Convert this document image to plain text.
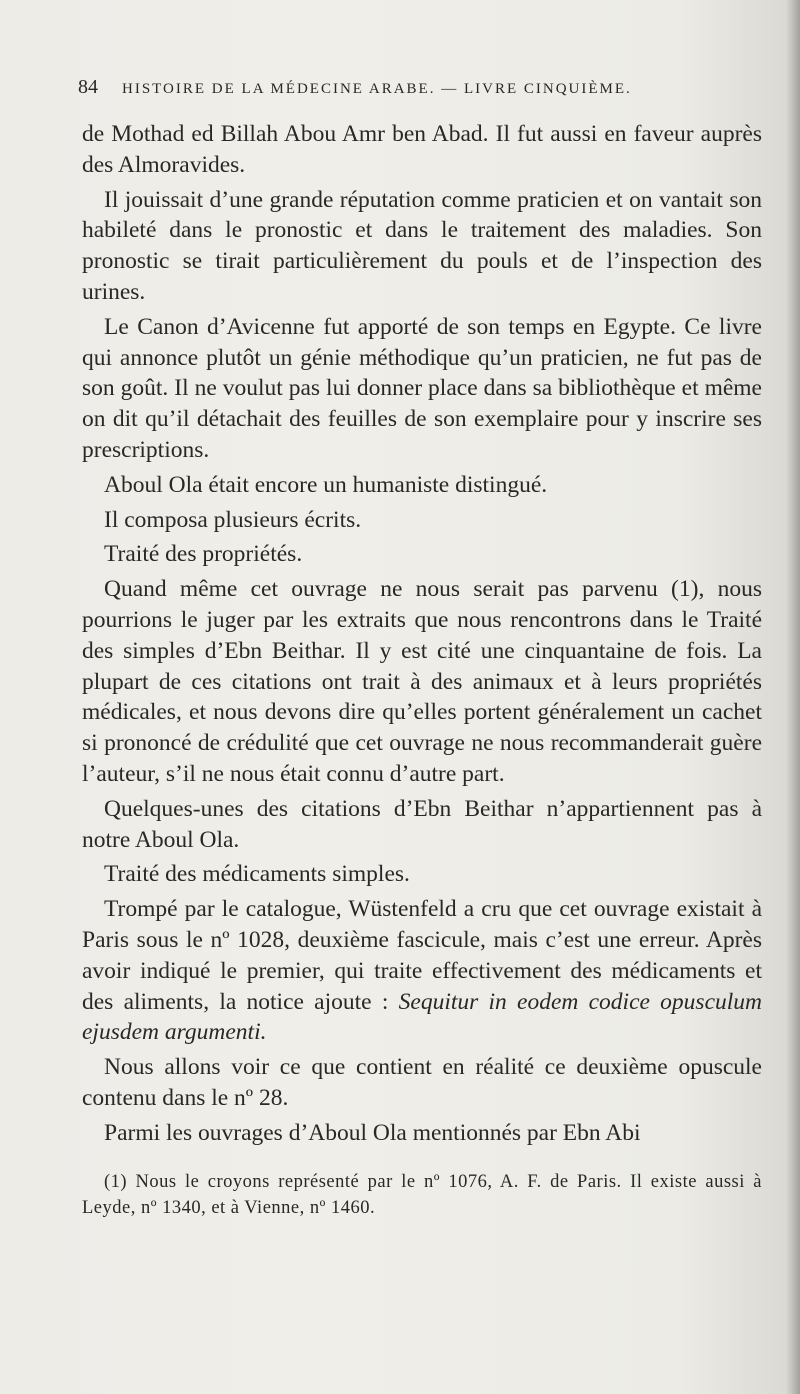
84 HISTOIRE DE LA MÉDECINE ARABE. — LIVRE CINQUIÈME.

de Mothad ed Billah Abou Amr ben Abad. Il fut aussi en faveur auprès des Almoravides.

Il jouissait d’une grande réputation comme praticien et on vantait son habileté dans le pronostic et dans le traitement des maladies. Son pronostic se tirait particulièrement du pouls et de l’inspection des urines.

Le Canon d’Avicenne fut apporté de son temps en Egypte. Ce livre qui annonce plutôt un génie méthodique qu’un praticien, ne fut pas de son goût. Il ne voulut pas lui donner place dans sa bibliothèque et même on dit qu’il détachait des feuilles de son exemplaire pour y inscrire ses prescriptions.

Aboul Ola était encore un humaniste distingué.

Il composa plusieurs écrits.

Traité des propriétés.

Quand même cet ouvrage ne nous serait pas parvenu (1), nous pourrions le juger par les extraits que nous rencontrons dans le Traité des simples d’Ebn Beithar. Il y est cité une cinquantaine de fois. La plupart de ces citations ont trait à des animaux et à leurs propriétés médicales, et nous devons dire qu’elles portent généralement un cachet si prononcé de crédulité que cet ouvrage ne nous recommanderait guère l’auteur, s’il ne nous était connu d’autre part.

Quelques-unes des citations d’Ebn Beithar n’appartiennent pas à notre Aboul Ola.

Traité des médicaments simples.

Trompé par le catalogue, Wüstenfeld a cru que cet ouvrage existait à Paris sous le nº 1028, deuxième fascicule, mais c’est une erreur. Après avoir indiqué le premier, qui traite effectivement des médicaments et des aliments, la notice ajoute : Sequitur in eodem codice opusculum ejusdem argumenti.

Nous allons voir ce que contient en réalité ce deuxième opuscule contenu dans le nº 28.

Parmi les ouvrages d’Aboul Ola mentionnés par Ebn Abi

(1) Nous le croyons représenté par le nº 1076, A. F. de Paris. Il existe aussi à Leyde, nº 1340, et à Vienne, nº 1460.
